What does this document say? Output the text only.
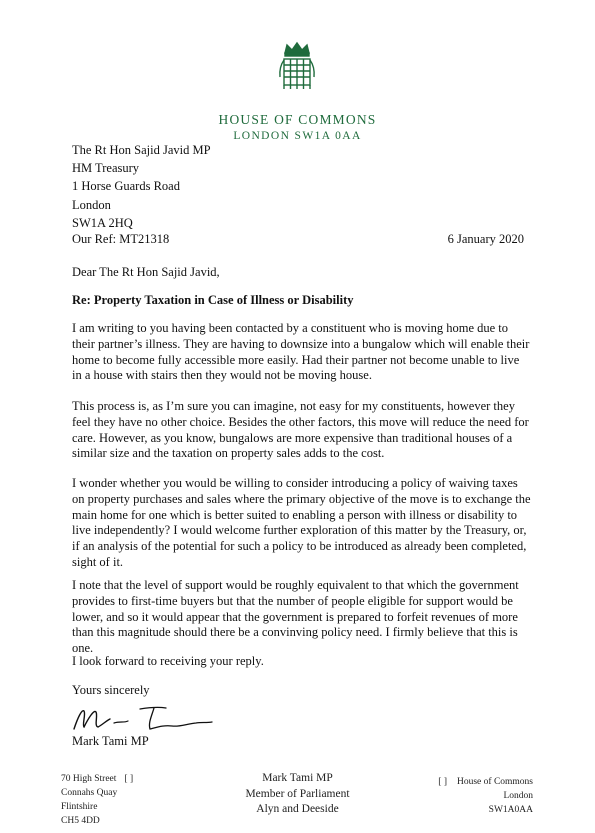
HOUSE OF COMMONS
LONDON SW1A 0AA
The Rt Hon Sajid Javid MP
HM Treasury
1 Horse Guards Road
London
SW1A 2HQ
Our Ref: MT21318	6 January 2020
Dear The Rt Hon Sajid Javid,
Re: Property Taxation in Case of Illness or Disability
I am writing to you having been contacted by a constituent who is moving home due to their partner’s illness. They are having to downsize into a bungalow which will enable their home to become fully accessible more easily. Had their partner not become unable to live in a house with stairs then they would not be moving house.
This process is, as I’m sure you can imagine, not easy for my constituents, however they feel they have no other choice. Besides the other factors, this move will reduce the need for care. However, as you know, bungalows are more expensive than traditional houses of a similar size and the taxation on property sales adds to the cost.
I wonder whether you would be willing to consider introducing a policy of waiving taxes on property purchases and sales where the primary objective of the move is to exchange the main home for one which is better suited to enabling a person with illness or disability to live independently? I would welcome further exploration of this matter by the Treasury, or, if an analysis of the potential for such a policy to be introduced as already been completed, sight of it.
I note that the level of support would be roughly equivalent to that which the government provides to first-time buyers but that the number of people eligible for support would be lower, and so it would appear that the government is prepared to forfeit revenues of more than this magnitude should there be a convinving policy need. I firmly believe that this is one.
I look forward to receiving your reply.
Yours sincerely
Mark Tami MP
70 High Street [ ]
Connahs Quay
Flintshire
CH5 4DD
Mark Tami MP
Member of Parliament
Alyn and Deeside
[ ] House of Commons
London
SW1A0AA
